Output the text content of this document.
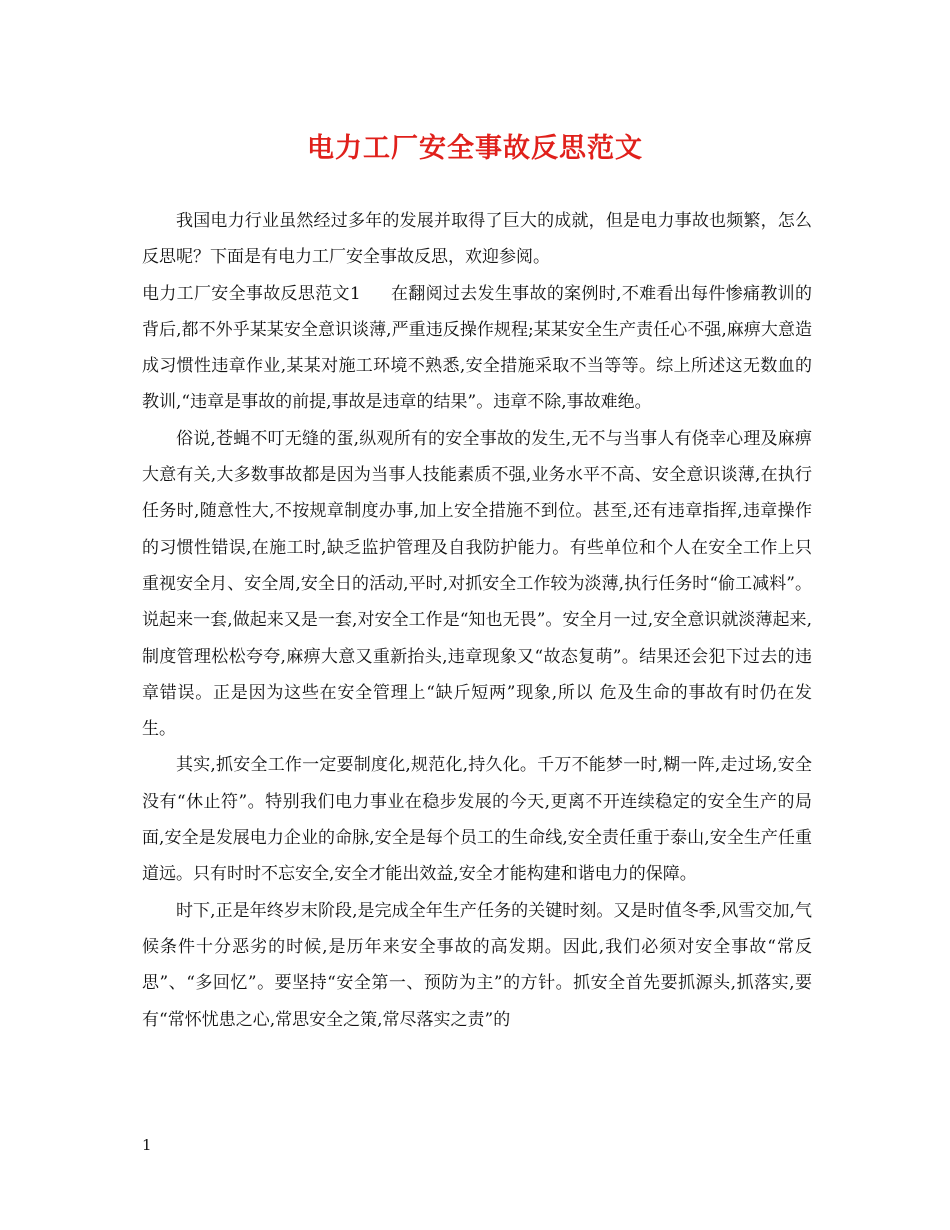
电力工厂安全事故反思范文

我国电力行业虽然经过多年的发展并取得了巨大的成就，但是电力事故也频繁，怎么反思呢？下面是有电力工厂安全事故反思，欢迎参阅。

电力工厂安全事故反思范文1 在翻阅过去发生事故的案例时,不难看出每件惨痛教训的背后,都不外乎某某安全意识谈薄,严重违反操作规程;某某安全生产责任心不强,麻痹大意造成习惯性违章作业,某某对施工环境不熟悉,安全措施采取不当等等。综上所述这无数血的教训,“违章是事故的前提,事故是违章的结果”。违章不除,事故难绝。

俗说,苍蝇不叮无缝的蛋,纵观所有的安全事故的发生,无不与当事人有侥幸心理及麻痹大意有关,大多数事故都是因为当事人技能素质不强,业务水平不高、安全意识谈薄,在执行任务时,随意性大,不按规章制度办事,加上安全措施不到位。甚至,还有违章指挥,违章操作的习惯性错误,在施工时,缺乏监护管理及自我防护能力。有些单位和个人在安全工作上只重视安全月、安全周,安全日的活动,平时,对抓安全工作较为淡薄,执行任务时“偷工减料”。说起来一套,做起来又是一套,对安全工作是“知也无畏”。安全月一过,安全意识就淡薄起来,制度管理松松夸夸,麻痹大意又重新抬头,违章现象又“故态复萌”。结果还会犯下过去的违章错误。正是因为这些在安全管理上“缺斤短两”现象,所以 危及生命的事故有时仍在发生。

其实,抓安全工作一定要制度化,规范化,持久化。千万不能梦一时,糊一阵,走过场,安全没有“休止符”。特别我们电力事业在稳步发展的今天,更离不开连续稳定的安全生产的局面,安全是发展电力企业的命脉,安全是每个员工的生命线,安全责任重于泰山,安全生产任重道远。只有时时不忘安全,安全才能出效益,安全才能构建和谐电力的保障。

时下,正是年终岁末阶段,是完成全年生产任务的关键时刻。又是时值冬季,风雪交加,气候条件十分恶劣的时候,是历年来安全事故的高发期。因此,我们必须对安全事故“常反思”、“多回忆”。要坚持“安全第一、预防为主”的方针。抓安全首先要抓源头,抓落实,要有“常怀忧患之心,常思安全之策,常尽落实之责”的

1
